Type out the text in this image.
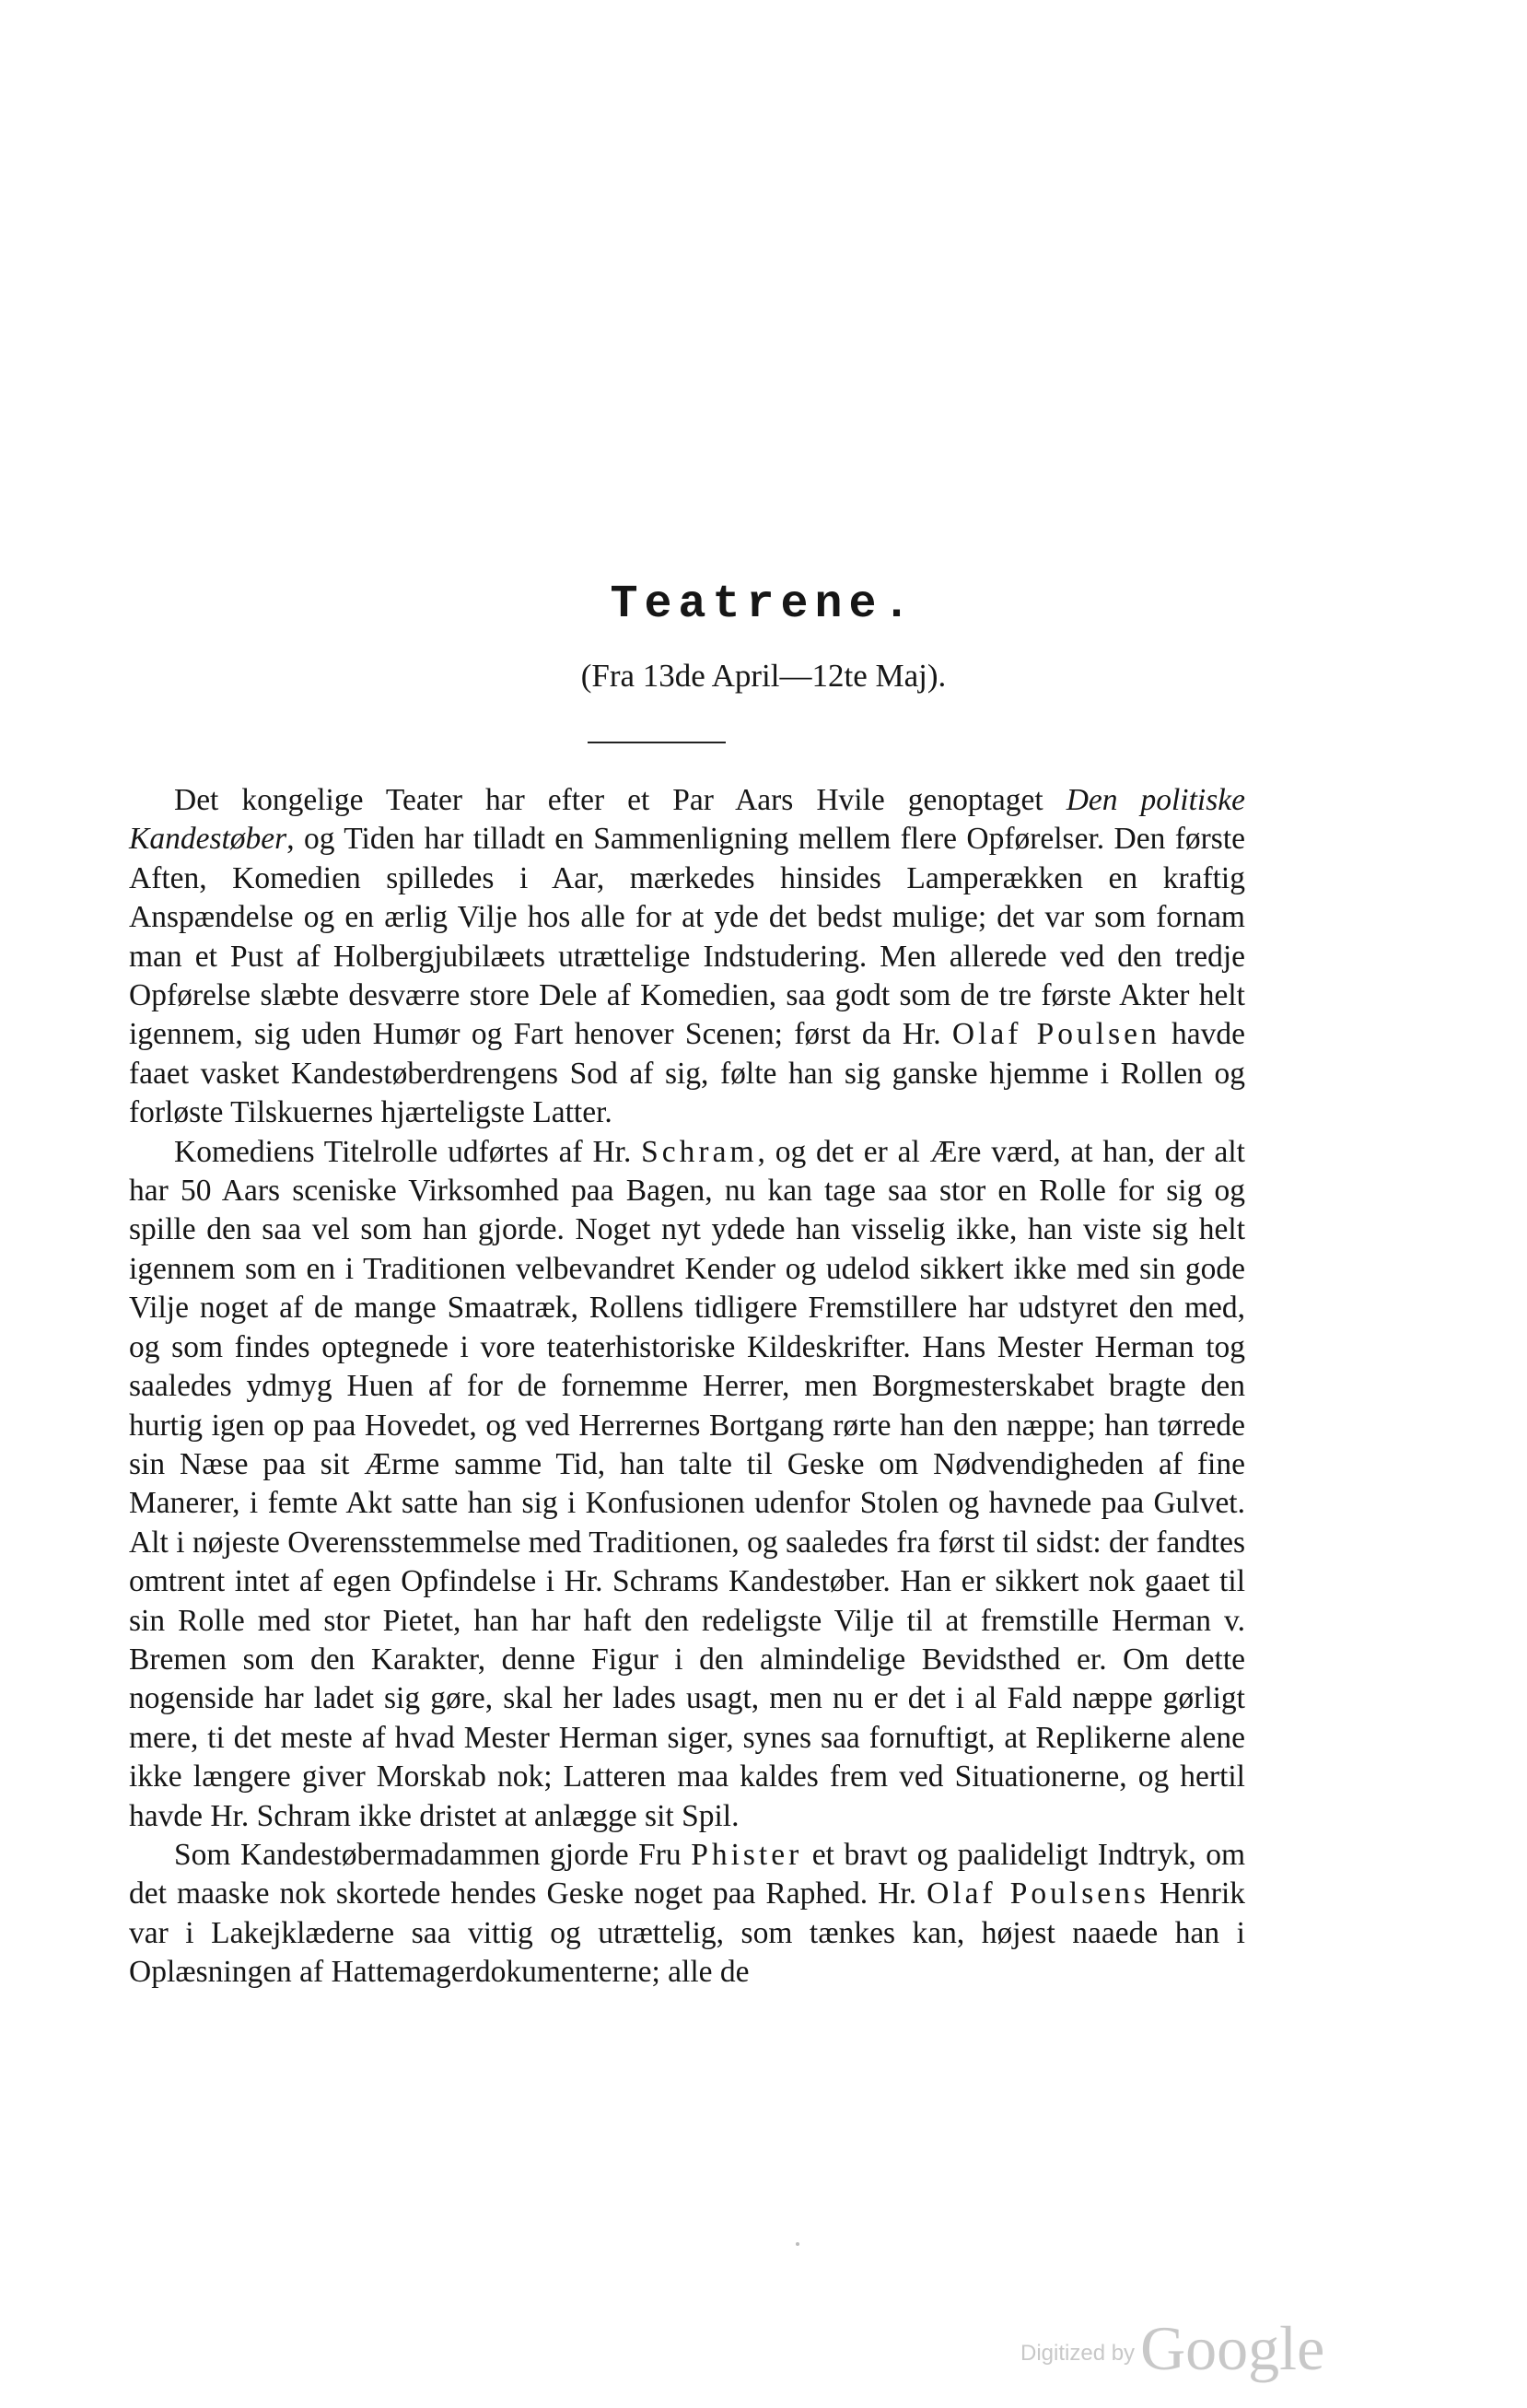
Teatrene.
(Fra 13de April—12te Maj).

Det kongelige Teater har efter et Par Aars Hvile genoptaget Den politiske Kandestøber, og Tiden har tilladt en Sammenligning mellem flere Opførelser. Den første Aften, Komedien spilledes i Aar, mærkedes hinsides Lamperækken en kraftig Anspændelse og en ærlig Vilje hos alle for at yde det bedst mulige; det var som fornam man et Pust af Holbergjubilæets utrættelige Indstudering. Men allerede ved den tredje Opførelse slæbte desværre store Dele af Komedien, saa godt som de tre første Akter helt igennem, sig uden Humør og Fart henover Scenen; først da Hr. Olaf Poulsen havde faaet vasket Kandestøberdrengens Sod af sig, følte han sig ganske hjemme i Rollen og forløste Tilskuernes hjærteligste Latter.

Komediens Titelrolle udførtes af Hr. Schram, og det er al Ære værd, at han, der alt har 50 Aars sceniske Virksomhed paa Bagen, nu kan tage saa stor en Rolle for sig og spille den saa vel som han gjorde. Noget nyt ydede han visselig ikke, han viste sig helt igennem som en i Traditionen velbevandret Kender og udelod sikkert ikke med sin gode Vilje noget af de mange Smaatræk, Rollens tidligere Fremstillere har udstyret den med, og som findes optegnede i vore teaterhistoriske Kildeskrifter. Hans Mester Herman tog saaledes ydmyg Huen af for de fornemme Herrer, men Borgmesterskabet bragte den hurtig igen op paa Hovedet, og ved Herrernes Bortgang rørte han den næppe; han tørrede sin Næse paa sit Ærme samme Tid, han talte til Geske om Nødvendigheden af fine Manerer, i femte Akt satte han sig i Konfusionen udenfor Stolen og havnede paa Gulvet. Alt i nøjeste Overensstemmelse med Traditionen, og saaledes fra først til sidst: der fandtes omtrent intet af egen Opfindelse i Hr. Schrams Kandestøber. Han er sikkert nok gaaet til sin Rolle med stor Pietet, han har haft den redeligste Vilje til at fremstille Herman v. Bremen som den Karakter, denne Figur i den almindelige Bevidsthed er. Om dette nogenside har ladet sig gøre, skal her lades usagt, men nu er det i al Fald næppe gørligt mere, ti det meste af hvad Mester Herman siger, synes saa fornuftigt, at Replikerne alene ikke længere giver Morskab nok; Latteren maa kaldes frem ved Situationerne, og hertil havde Hr. Schram ikke dristet at anlægge sit Spil.

Som Kandestøbermadammen gjorde Fru Phister et bravt og paalideligt Indtryk, om det maaske nok skortede hendes Geske noget paa Raphed. Hr. Olaf Poulsens Henrik var i Lakejklæderne saa vittig og utrættelig, som tænkes kan, højest naaede han i Oplæsningen af Hattemagerdokumenterne; alle de

Digitized byGoogle
